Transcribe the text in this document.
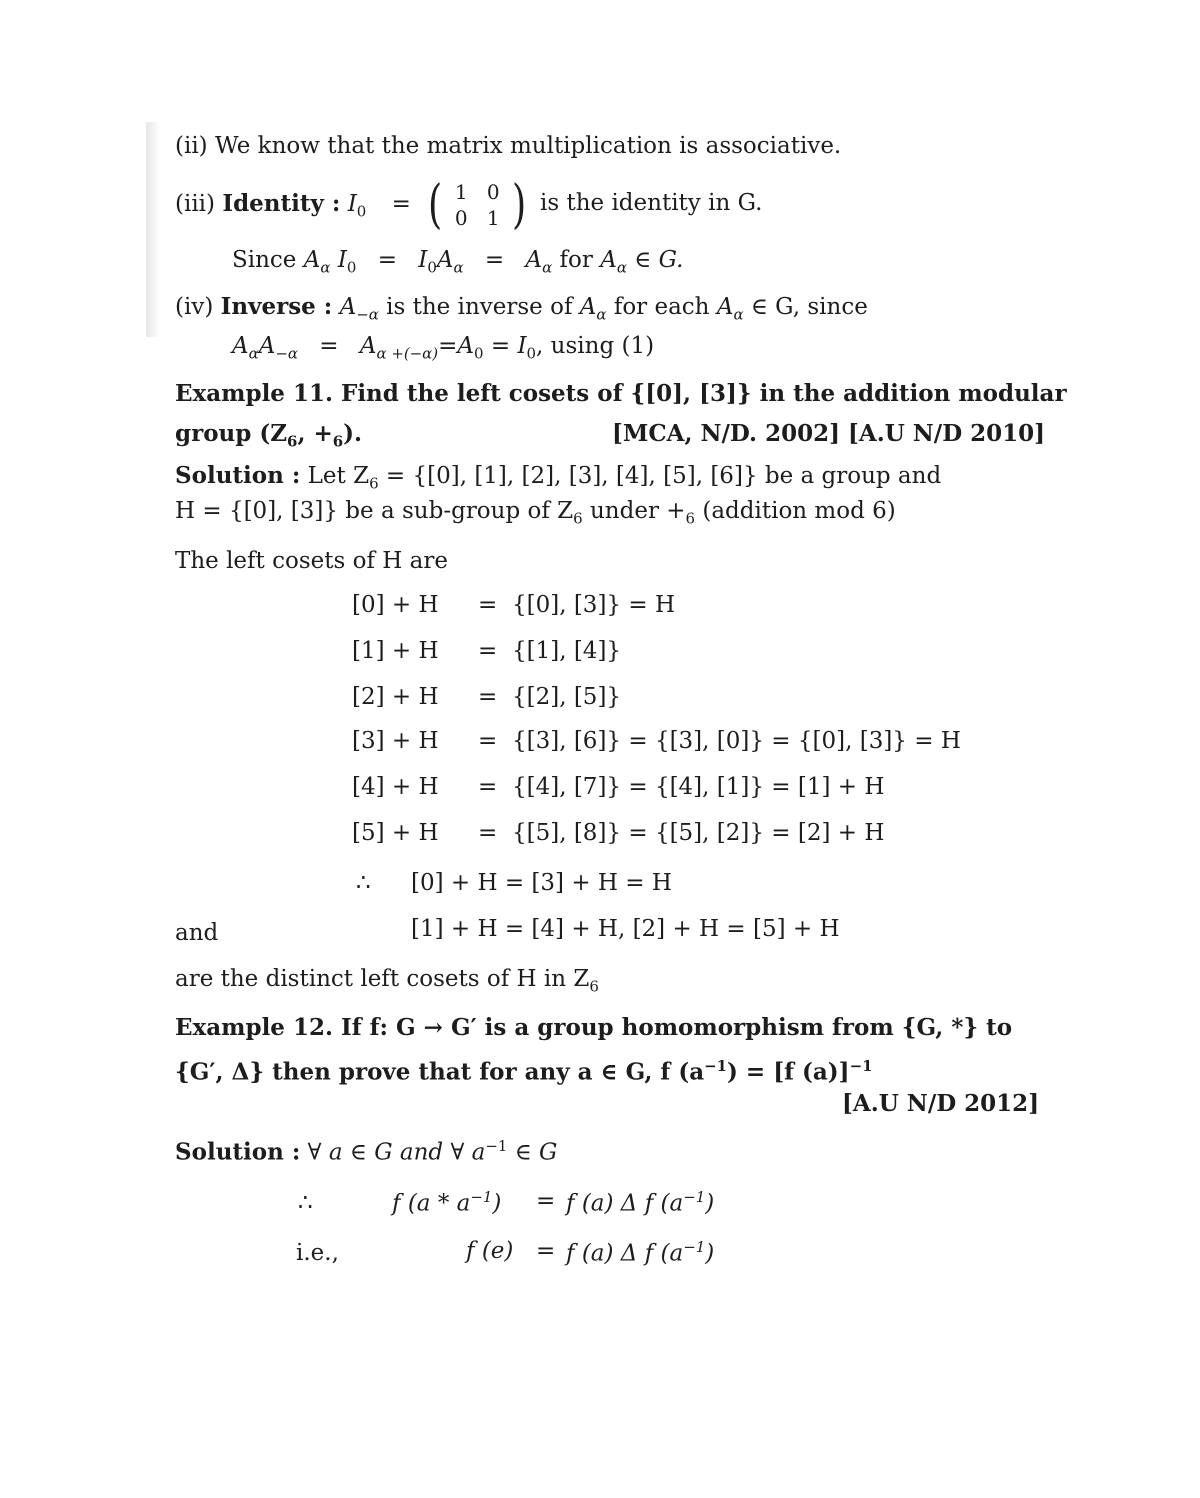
(ii) We know that the matrix multiplication is associative.
(iii) Identity : $I_0$ = ( 1 0
0 1 ) is the identity in G.
Since $A_\alpha$ $I_0 = I_0A_\alpha = A_\alpha$ for $A_\alpha$ ∈ G.
(iv) Inverse : $A_{-\alpha}$ is the inverse of $A_\alpha$ for each $A_\alpha$ ∈ G, since
$A_\alpha A_{-\alpha} = A_{\alpha +(-\alpha)}=A_0 = I_0$, using (1)
Example 11. Find the left cosets of {[0], [3]} in the addition modular
group ($Z_6$, $+_6$).	[MCA, N/D. 2002] [A.U N/D 2010]
Solution : Let $Z_6 = \{[0]$, [1], [2], [3], [4], [5], [6]} be a group and
H = {[0], [3]} be a sub-group of $Z_6$ under $+_6$ (addition mod 6)
The left cosets of H are
[0] + H = {[0], [3]} = H
[1] + H = {[1], [4]}
[2] + H = {[2], [5]}
[3] + H = {[3], [6]} = {[3], [0]} = {[0], [3]} = H
[4] + H = {[4], [7]} = {[4], [1]} = [1] + H
[5] + H = {[5], [8]} = {[5], [2]} = [2] + H
∴ [0] + H = [3] + H = H
and	[1] + H = [4] + H, [2] + H = [5] + H
are the distinct left cosets of H in $Z_6$
Example 12. If f: G → G′ is a group homomorphism from {G, *} to
{G′, Δ} then prove that for any a ∈ G, f $(a^{-1}) = [f$ (a)]$^{-1}$
[A.U N/D 2012]
Solution : ∀ a ∈ G and ∀ $a^{-1}$ ∈ G
∴	f $(a * a^{-1}) = f$ (a) Δ f $(a^{-1})$
i.e.,	f (e) = f (a) Δ f $(a^{-1})$
